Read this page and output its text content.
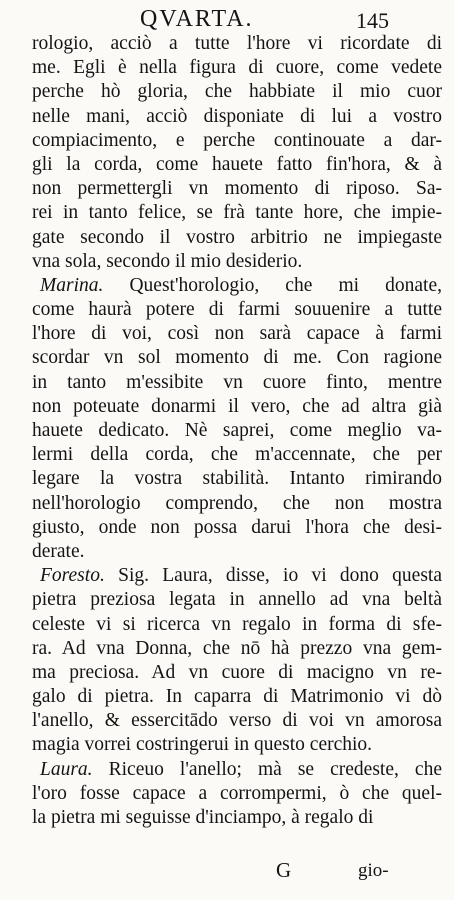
QVARTA.	145
rologio, acciò a tutte l'hore vi ricordate di
me. Egli è nella figura di cuore, come vedete
perche hò gloria, che habbiate il mio cuor
nelle mani, acciò disponiate di lui a vostro
compiacimento, e perche continouate a dar-
gli la corda, come hauete fatto fin'hora, & à
non permettergli vn momento di riposo. Sa-
rei in tanto felice, se frà tante hore, che impie-
gate secondo il vostro arbitrio ne impiegaste
vna sola, secondo il mio desiderio.
Marina. Quest'horologio, che mi donate,
come haurà potere di farmi souuenire a tutte
l'hore di voi, così non sarà capace à farmi
scordar vn sol momento di me. Con ragione
in tanto m'essibite vn cuore finto, mentre
non poteuate donarmi il vero, che ad altra già
hauete dedicato. Nè saprei, come meglio va-
lermi della corda, che m'accennate, che per
legare la vostra stabilità. Intanto rimirando
nell'horologio comprendo, che non mostra
giusto, onde non possa darui l'hora che desi-
derate.
Foresto. Sig. Laura, disse, io vi dono questa
pietra preziosa legata in annello ad vna beltà
celeste vi si ricerca vn regalo in forma di sfe-
ra. Ad vna Donna, che nō hà prezzo vna gem-
ma preciosa. Ad vn cuore di macigno vn re-
galo di pietra. In caparra di Matrimonio vi dò
l'anello, & essercitādo verso di voi vn amorosa
magia vorrei costringerui in questo cerchio.
Laura. Riceuo l'anello; mà se credeste, che
l'oro fosse capace a corrompermi, ò che quel-
la pietra mi seguisse d'inciampo, à regalo di
G	gio-
